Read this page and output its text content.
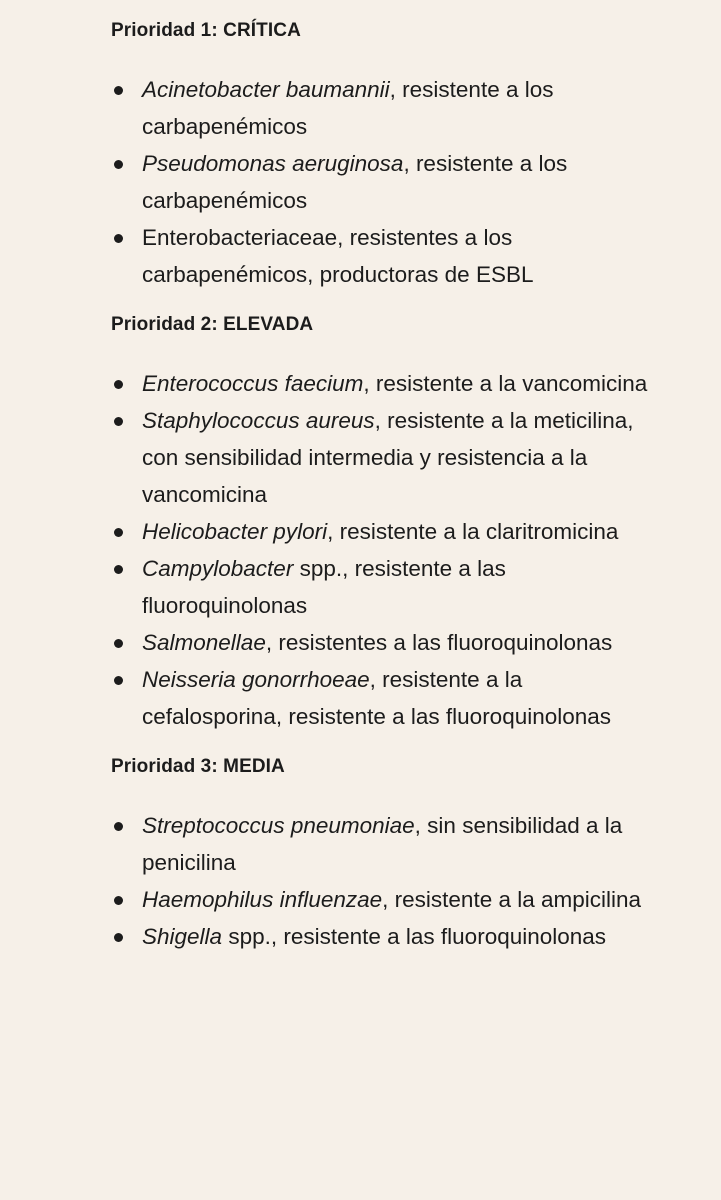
Prioridad 1: CRÍTICA
Acinetobacter baumannii, resistente a los carbapenémicos
Pseudomonas aeruginosa, resistente a los carbapenémicos
Enterobacteriaceae, resistentes a los carbapenémicos, productoras de ESBL
Prioridad 2: ELEVADA
Enterococcus faecium, resistente a la vancomicina
Staphylococcus aureus, resistente a la meticilina, con sensibilidad intermedia y resistencia a la vancomicina
Helicobacter pylori, resistente a la claritromicina
Campylobacter spp., resistente a las fluoroquinolonas
Salmonellae, resistentes a las fluoroquinolonas
Neisseria gonorrhoeae, resistente a la cefalosporina, resistente a las fluoroquinolonas
Prioridad 3: MEDIA
Streptococcus pneumoniae, sin sensibilidad a la penicilina
Haemophilus influenzae, resistente a la ampicilina
Shigella spp., resistente a las fluoroquinolonas
